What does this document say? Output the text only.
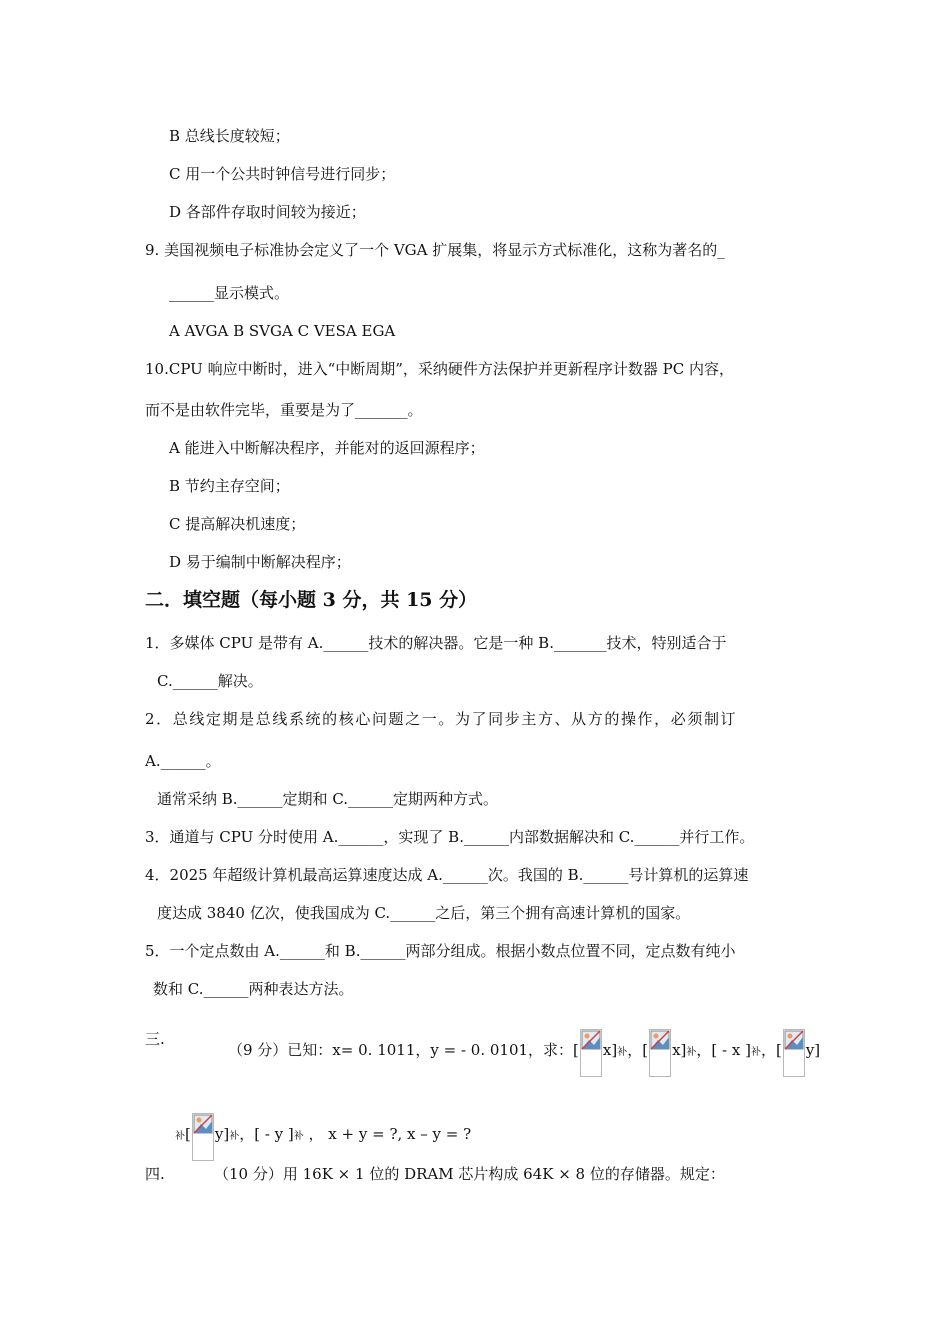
B 总线长度较短；
C 用一个公共时钟信号进行同步；
D 各部件存取时间较为接近；
9. 美国视频电子标准协会定义了一个 VGA 扩展集，将显示方式标准化，这称为著名的_
______显示模式。
A AVGA B SVGA C VESA EGA
10.CPU 响应中断时，进入“中断周期”，采纳硬件方法保护并更新程序计数器 PC 内容，
而不是由软件完毕，重要是为了_______。
A 能进入中断解决程序，并能对的返回源程序；
B 节约主存空间；
C 提高解决机速度；
D 易于编制中断解决程序；
二．填空题（每小题 3 分，共 15 分）
1．多媒体 CPU 是带有 A.______技术的解决器。它是一种 B._______技术，特别适合于
C.______解决。
2．总线定期是总线系统的核心问题之一。为了同步主方、从方的操作，必须制订
A.______。
通常采纳 B.______定期和 C.______定期两种方式。
3．通道与 CPU 分时使用 A.______，实现了 B.______内部数据解决和 C.______并行工作。
4．2025 年超级计算机最高运算速度达成 A.______次。我国的 B.______号计算机的运算速
度达成 3840 亿次，使我国成为 C.______之后，第三个拥有高速计算机的国家。
5．一个定点数由 A.______和 B.______两部分组成。根据小数点位置不同，定点数有纯小
数和 C.______两种表达方法。
三.
（9 分）已知：x= 0. 1011，y = - 0. 0101，求：[ x]补，[ x]补，[ - x ]补，[ y]
补[ y]补，[ - y ]补 ， x + y = ?, x – y = ?
四.	（10 分）用 16K × 1 位的 DRAM 芯片构成 64K × 8 位的存储器。规定：
